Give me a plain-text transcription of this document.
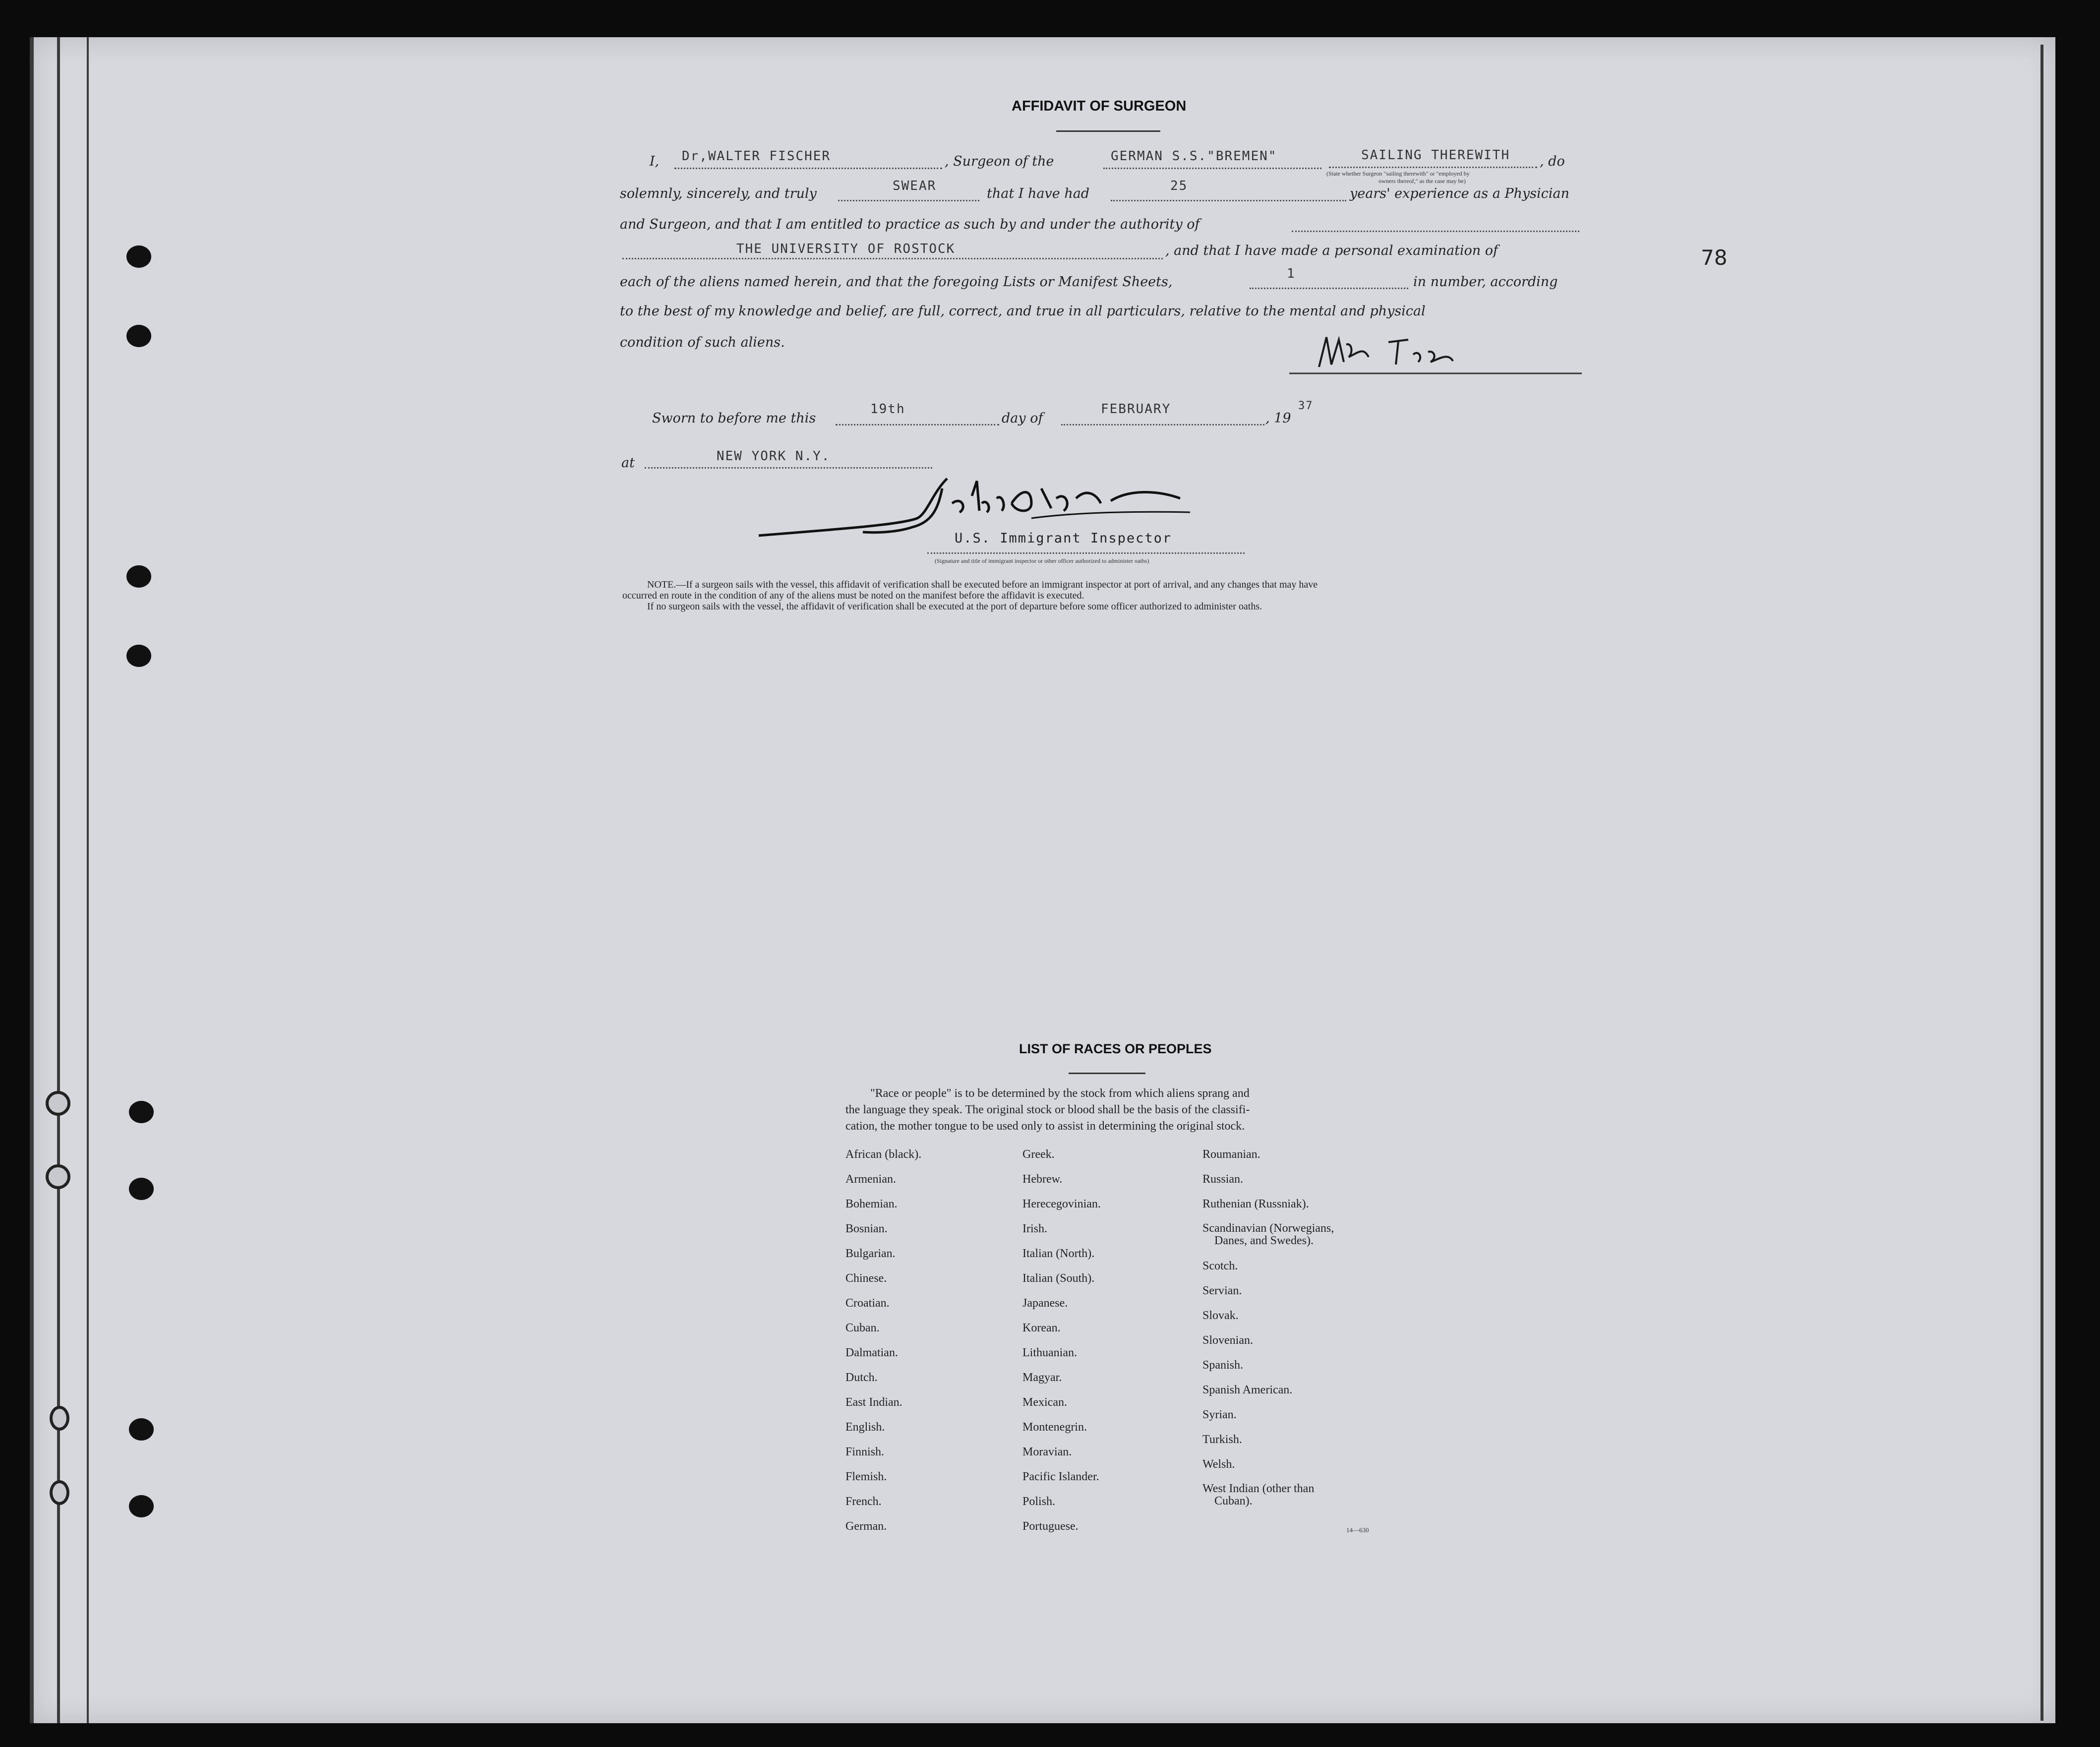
AFFIDAVIT OF SURGEON
I, Dr,WALTER FISCHER	, Surgeon of the	GERMAN S.S."BREMEN"	SAILING THEREWITH , do
(State whether Surgeon "sailing therewith" or "employed by
owners thereof," as the case may be)
solemnly, sincerely, and truly	SWEAR	that I have had	25	years' experience as a Physician
and Surgeon, and that I am entitled to practice as such by and under the authority of
THE UNIVERSITY OF ROSTOCK	, and that I have made a personal examination of
each of the aliens named herein, and that the foregoing Lists or Manifest Sheets,
1
in number, according
to the best of my knowledge and belief, are full, correct, and true in all particulars, relative to the mental and physical
condition of such aliens.
Sworn to before me this
19th
day of
FEBRUARY
, 19
37
at	NEW YORK N.Y.
U.S. Immigrant Inspector
(Signature and title of immigrant inspector or other officer authorized to administer oaths)
NOTE.—If a surgeon sails with the vessel, this affidavit of verification shall be executed before an immigrant inspector at port of arrival, and any changes that may have
occurred en route in the condition of any of the aliens must be noted on the manifest before the affidavit is executed.
If no surgeon sails with the vessel, the affidavit of verification shall be executed at the port of departure before some officer authorized to administer oaths.
78
LIST OF RACES OR PEOPLES
"Race or people" is to be determined by the stock from which aliens sprang and
the language they speak. The original stock or blood shall be the basis of the classifi-
cation, the mother tongue to be used only to assist in determining the original stock.
African (black).
Armenian.
Bohemian.
Bosnian.
Bulgarian.
Chinese.
Croatian.
Cuban.
Dalmatian.
Dutch.
East Indian.
English.
Finnish.
Flemish.
French.
German.
Greek.
Hebrew.
Herecegovinian.
Irish.
Italian (North).
Italian (South).
Japanese.
Korean.
Lithuanian.
Magyar.
Mexican.
Montenegrin.
Moravian.
Pacific Islander.
Polish.
Portuguese.
Roumanian.
Russian.
Ruthenian (Russniak).
Scandinavian (Norwegians,
Danes, and Swedes).
Scotch.
Servian.
Slovak.
Slovenian.
Spanish.
Spanish American.
Syrian.
Turkish.
Welsh.
West Indian (other than
Cuban).
14—630
